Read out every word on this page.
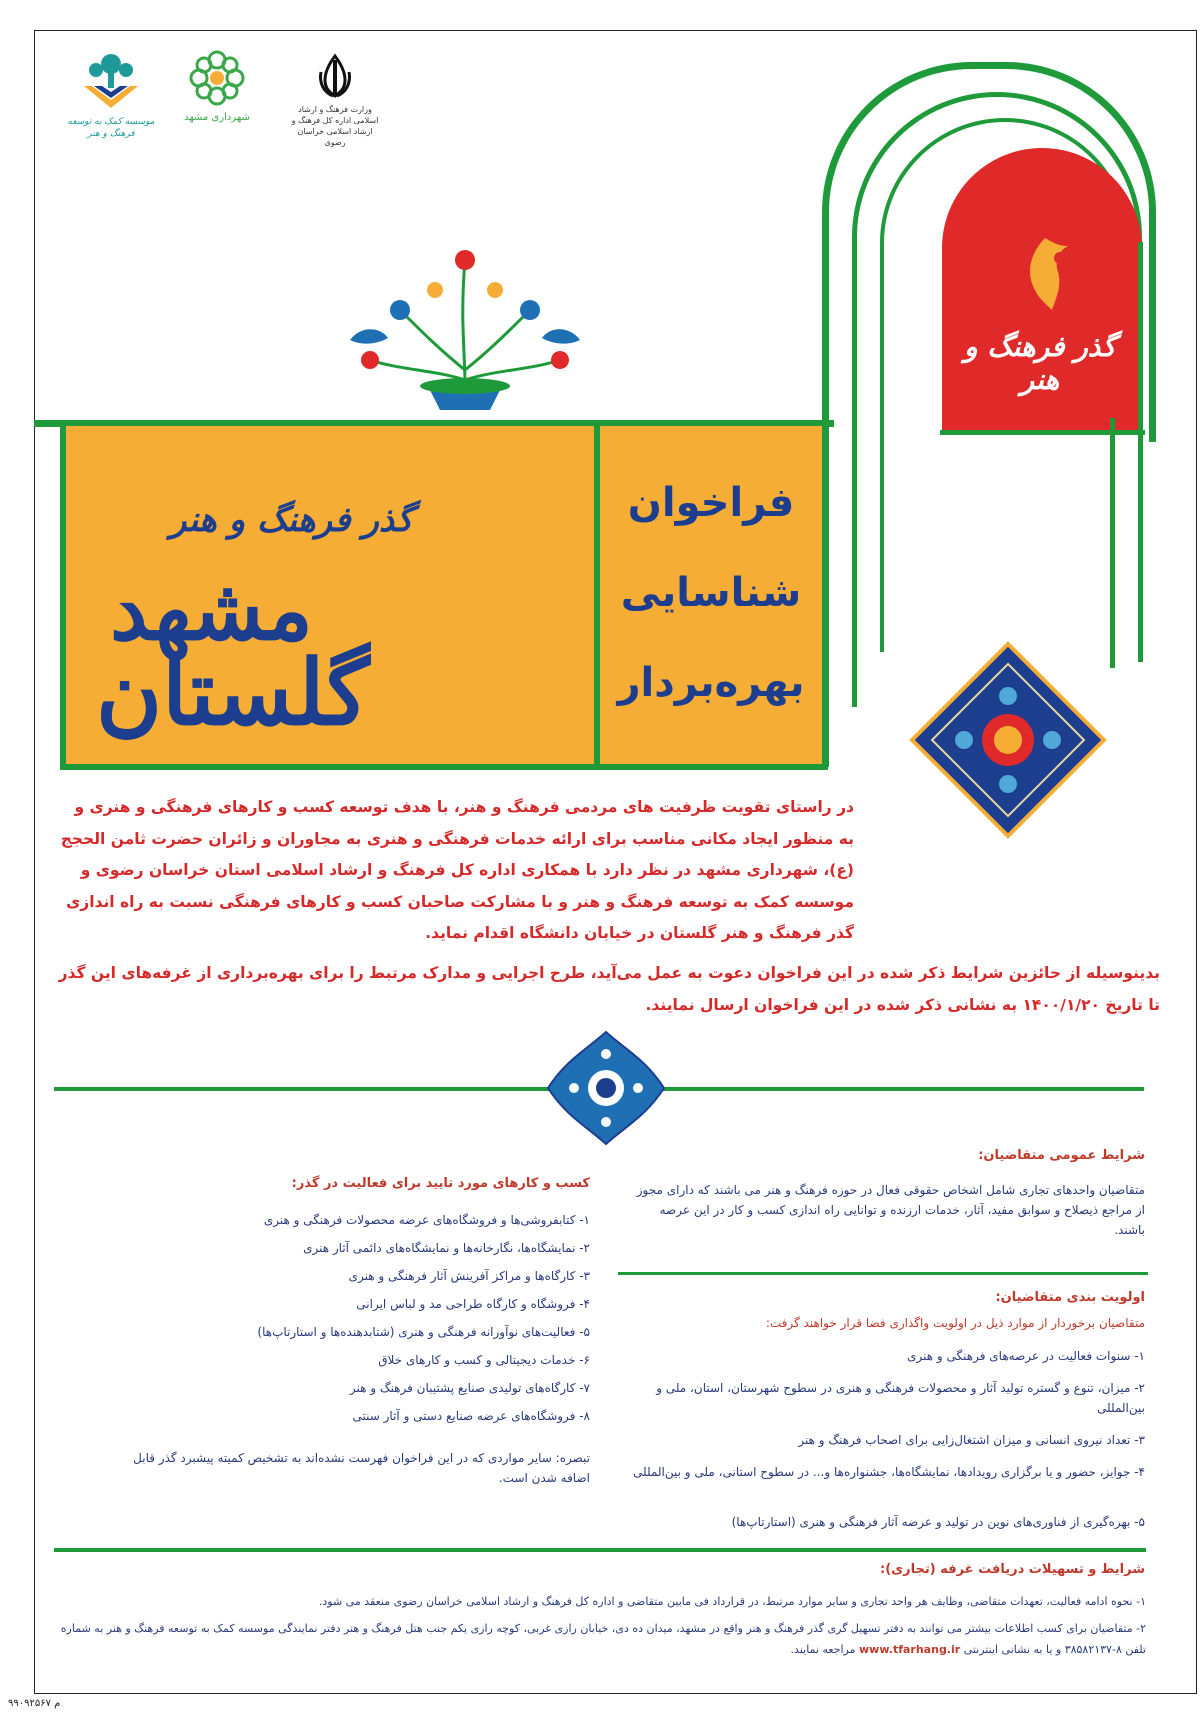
وزارت فرهنگ و ارشاد اسلامی اداره کل فرهنگ و ارشاد اسلامی خراسان رضوی
شهرداری مشهد
موسسه کمک به توسعه فرهنگ و هنر
گذر فرهنگ و هنر
فراخوان
شناسایی
بهره‌بردار
گذر فرهنگ و هنر
مشهد
گلستان
در راستای تقویت ظرفیت های مردمی فرهنگ و هنر، با هدف توسعه کسب و کارهای فرهنگی و هنری و به منظور ایجاد مکانی مناسب برای ارائه خدمات فرهنگی و هنری به مجاوران و زائران حضرت ثامن الحجج (ع)، شهرداری مشهد در نظر دارد با همکاری اداره کل فرهنگ و ارشاد اسلامی استان خراسان رضوی و موسسه کمک به توسعه فرهنگ و هنر و با مشارکت صاحبان کسب و کارهای فرهنگی نسبت به راه اندازی گذر فرهنگ و هنر گلستان در خیابان دانشگاه اقدام نماید.
بدینوسیله از حائزین شرایط ذکر شده در این فراخوان دعوت به عمل می‌آید، طرح اجرایی و مدارک مرتبط را برای بهره‌برداری از غرفه‌های این گذر تا تاریخ ۱۴۰۰/۱/۲۰ به نشانی ذکر شده در این فراخوان ارسال نمایند.
شرایط عمومی متقاضیان:
متقاضیان واحدهای تجاری شامل اشخاص حقوقی فعال در حوزه فرهنگ و هنر می باشند که دارای مجوز از مراجع ذیصلاح و سوابق مفید، آثار، خدمات ارزنده و توانایی راه اندازی کسب و کار در این عرصه باشند.
اولویت بندی متقاضیان:
متقاضیان برخوردار از موارد ذیل در اولویت واگذاری فضا قرار خواهند گرفت:
۱- سنوات فعالیت در عرصه‌های فرهنگی و هنری
۲- میزان، تنوع و گستره تولید آثار و محصولات فرهنگی و هنری در سطوح شهرستان، استان، ملی و بین‌المللی
۳- تعداد نیروی انسانی و میزان اشتغال‌زایی برای اصحاب فرهنگ و هنر
۴- جوایز، حضور و یا برگزاری رویدادها، نمایشگاه‌ها، جشنواره‌ها و... در سطوح استانی، ملی و بین‌المللی
۵- بهره‌گیری از فناوری‌های نوین در تولید و عرضه آثار فرهنگی و هنری (استارتاپ‌ها)
کسب و کارهای مورد تایید برای فعالیت در گذر:
۱- کتابفروشی‌ها و فروشگاه‌های عرضه محصولات فرهنگی و هنری
۲- نمایشگاه‌ها، نگارخانه‌ها و نمایشگاه‌های دائمی آثار هنری
۳- کارگاه‌ها و مراکز آفرینش آثار فرهنگی و هنری
۴- فروشگاه و کارگاه طراحی مد و لباس ایرانی
۵- فعالیت‌های نوآورانه فرهنگی و هنری (شتابدهنده‌ها و استارتاپ‌ها)
۶- خدمات دیجیتالی و کسب و کارهای خلاق
۷- کارگاه‌های تولیدی صنایع پشتیبان فرهنگ و هنر
۸- فروشگاه‌های عرضه صنایع دستی و آثار سنتی
تبصره: سایر مواردی که در این فراخوان فهرست نشده‌اند به تشخیص کمیته پیشبرد گذر قابل اضافه شدن است.
شرایط و تسهیلات دریافت غرفه (تجاری):
۱- نحوه ادامه فعالیت، تعهدات متقاضی، وظایف هر واحد تجاری و سایر موارد مرتبط، در قرارداد فی مابین متقاضی و اداره کل فرهنگ و ارشاد اسلامی خراسان رضوی منعقد می شود.
۲- متقاضیان برای کسب اطلاعات بیشتر می توانند به دفتر تسهیل گری گذر فرهنگ و هنر واقع در مشهد، میدان ده دی، خیابان رازی غربی، کوچه رازی یکم جنب هتل فرهنگ و هنر دفتر نمایندگی موسسه کمک به توسعه فرهنگ و هنر به شماره تلفن ۸-۳۸۵۸۲۱۳۷ و یا به نشانی اینترنتی www.tfarhang.ir مراجعه نمایند.
م ۹۹۰۹۲۵۶۷
